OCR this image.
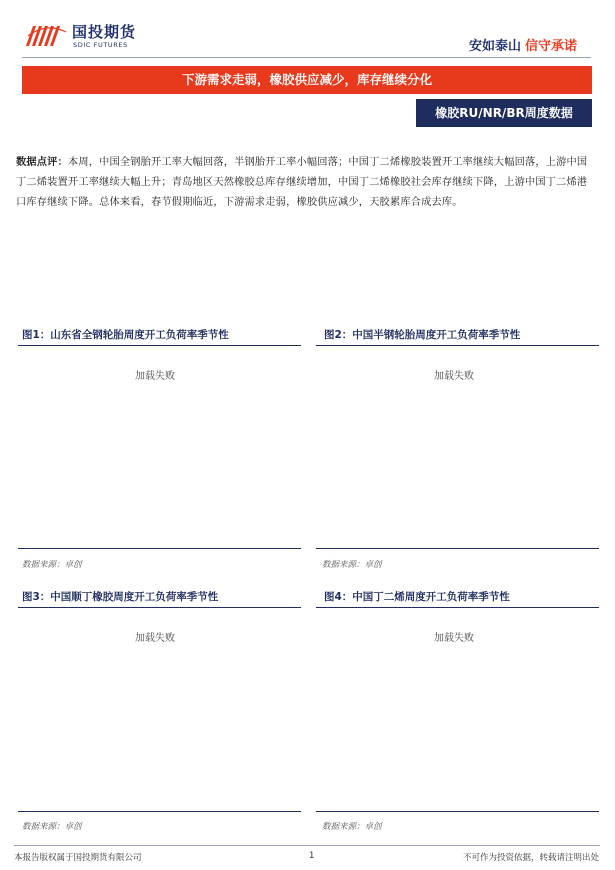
国投期货
SDIC FUTURES	安如泰山 信守承诺
下游需求走弱，橡胶供应减少，库存继续分化
橡胶RU/NR/BR周度数据
数据点评：本周，中国全钢胎开工率大幅回落，半钢胎开工率小幅回落；中国丁二烯橡胶装置开工率继续大幅回落，上游中国丁二烯装置开工率继续大幅上升；青岛地区天然橡胶总库存继续增加，中国丁二烯橡胶社会库存继续下降，上游中国丁二烯港口库存继续下降。总体来看，春节假期临近，下游需求走弱，橡胶供应减少，天胶累库合成去库。
图1：山东省全钢轮胎周度开工负荷率季节性
加载失败
数据来源：卓创
图2：中国半钢轮胎周度开工负荷率季节性
加载失败
数据来源：卓创
图3：中国顺丁橡胶周度开工负荷率季节性
加载失败
数据来源：卓创
图4：中国丁二烯周度开工负荷率季节性
加载失败
数据来源：卓创
本报告版权属于国投期货有限公司	1	不可作为投资依据，转载请注明出处
